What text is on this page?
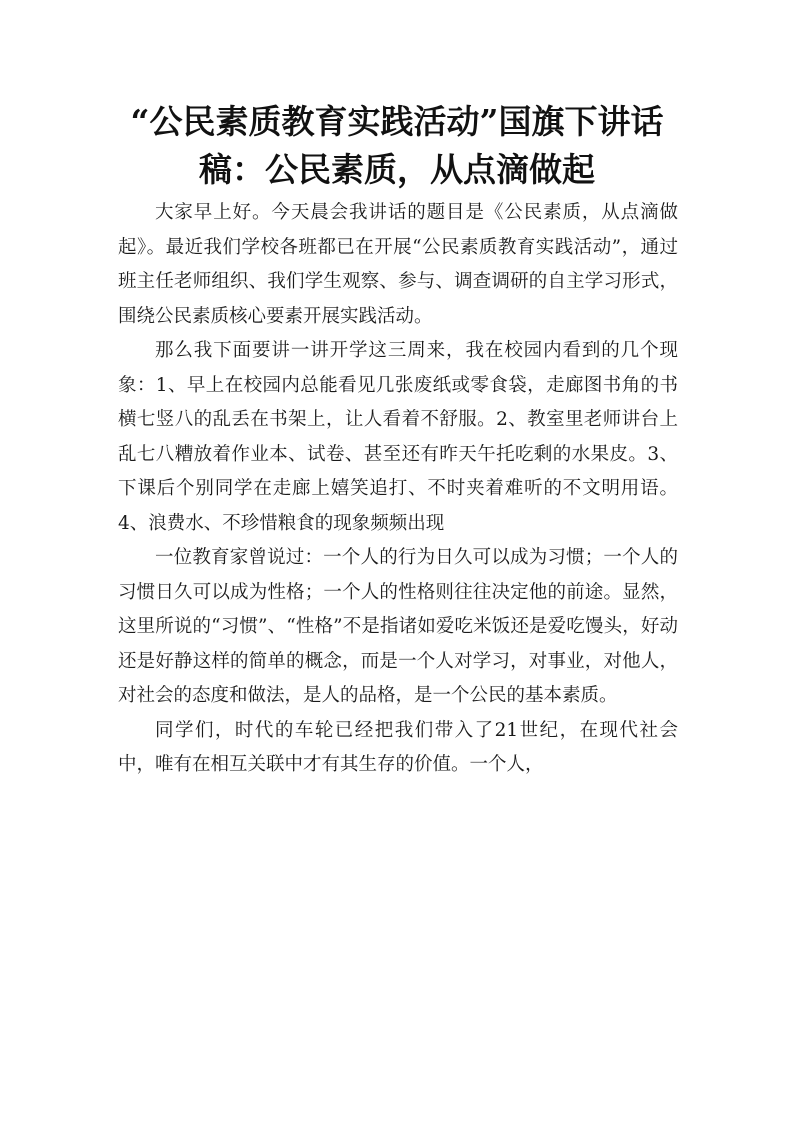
“公民素质教育实践活动”国旗下讲话
稿：公民素质，从点滴做起

大家早上好。今天晨会我讲话的题目是《公民素质，从点滴做起》。最近我们学校各班都已在开展“公民素质教育实践活动”，通过班主任老师组织、我们学生观察、参与、调查调研的自主学习形式，围绕公民素质核心要素开展实践活动。

那么我下面要讲一讲开学这三周来，我在校园内看到的几个现象：1、早上在校园内总能看见几张废纸或零食袋，走廊图书角的书横七竖八的乱丢在书架上，让人看着不舒服。2、教室里老师讲台上乱七八糟放着作业本、试卷、甚至还有昨天午托吃剩的水果皮。3、下课后个别同学在走廊上嬉笑追打、不时夹着难听的不文明用语。4、浪费水、不珍惜粮食的现象频频出现

一位教育家曾说过：一个人的行为日久可以成为习惯；一个人的习惯日久可以成为性格；一个人的性格则往往决定他的前途。显然，这里所说的“习惯”、“性格”不是指诸如爱吃米饭还是爱吃馒头，好动还是好静这样的简单的概念，而是一个人对学习，对事业，对他人，对社会的态度和做法，是人的品格，是一个公民的基本素质。

同学们，时代的车轮已经把我们带入了21世纪，在现代社会中，唯有在相互关联中才有其生存的价值。一个人，
